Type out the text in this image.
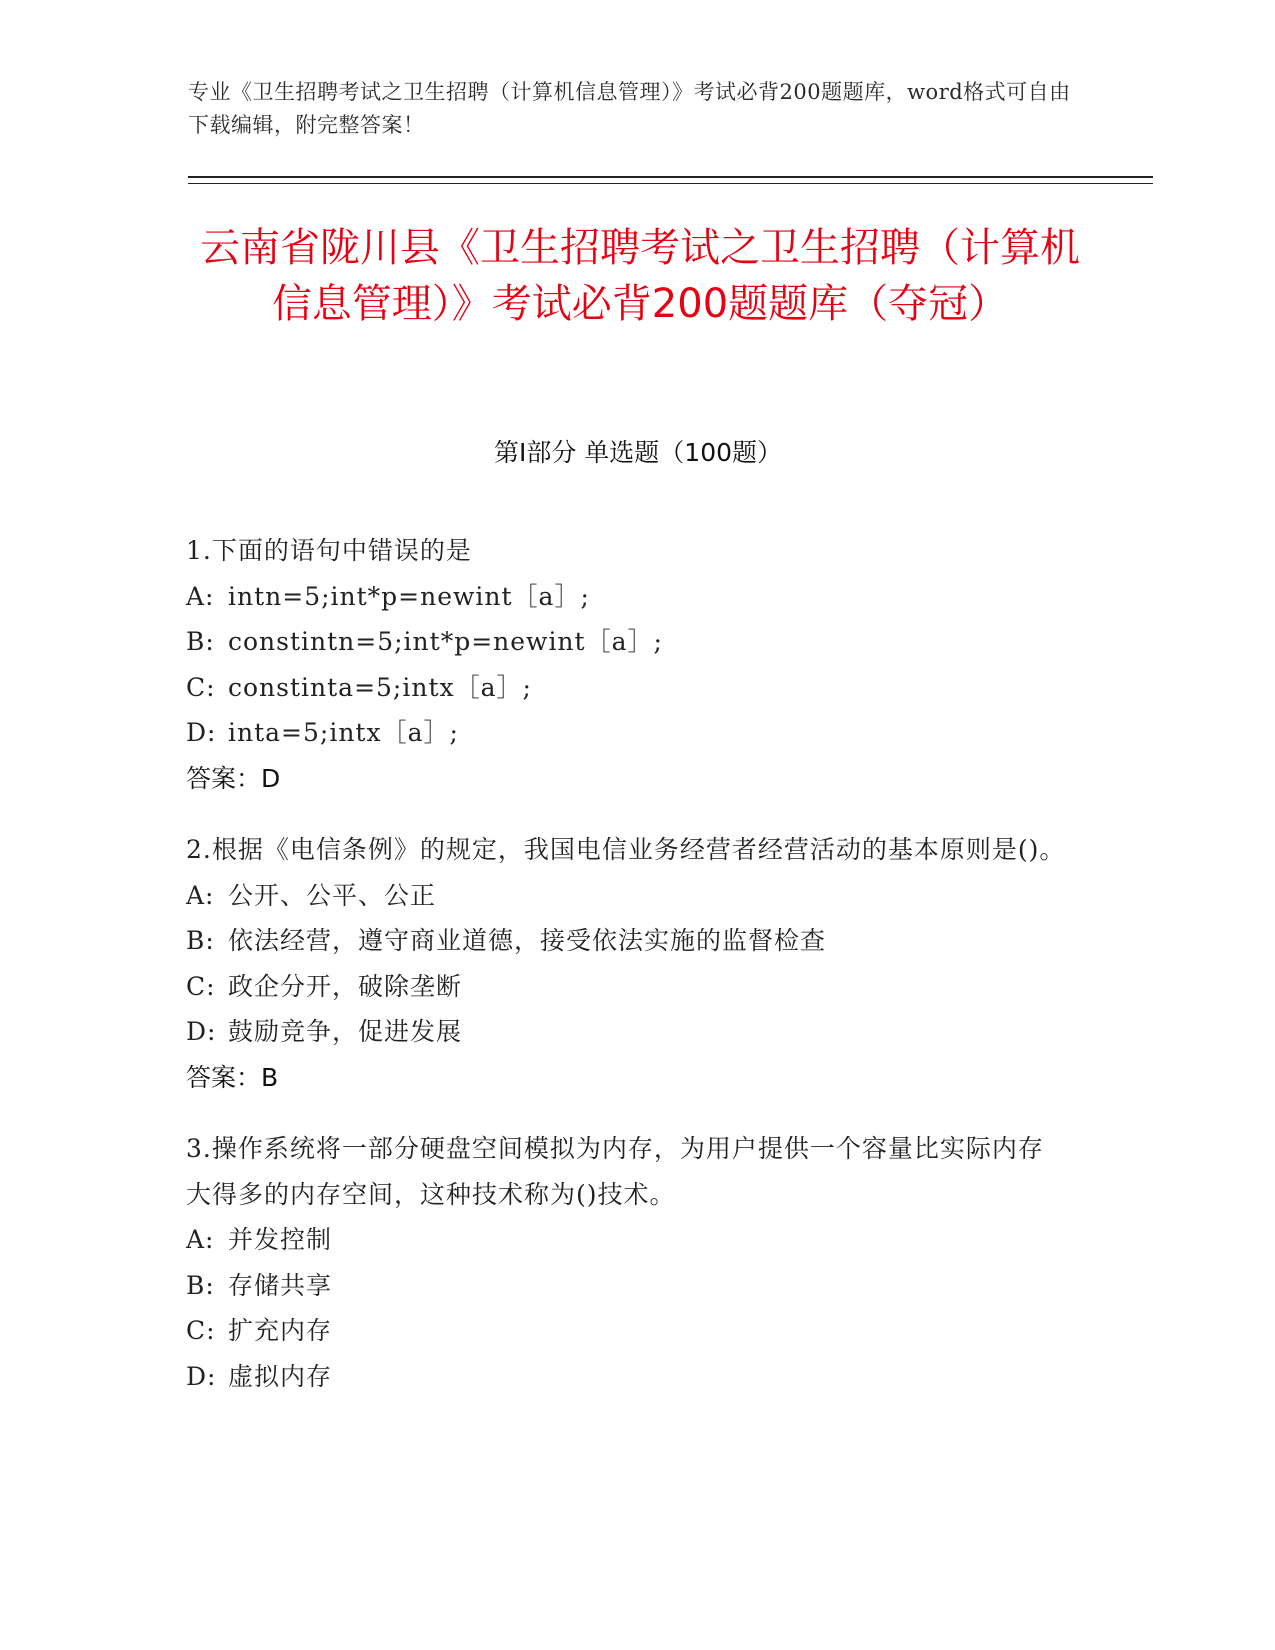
专业《卫生招聘考试之卫生招聘（计算机信息管理）》考试必背200题题库，word格式可自由下载编辑，附完整答案！
云南省陇川县《卫生招聘考试之卫生招聘（计算机信息管理）》考试必背200题题库（夺冠）
第Ⅰ部分 单选题（100题）
1.下面的语句中错误的是
A: intn=5;int*p=newint［a］;
B: constintn=5;int*p=newint［a］;
C: constinta=5;intx［a］;
D: inta=5;intx［a］;
答案：D
2.根据《电信条例》的规定，我国电信业务经营者经营活动的基本原则是()。
A: 公开、公平、公正
B: 依法经营，遵守商业道德，接受依法实施的监督检查
C: 政企分开，破除垄断
D: 鼓励竞争，促进发展
答案：B
3.操作系统将一部分硬盘空间模拟为内存，为用户提供一个容量比实际内存大得多的内存空间，这种技术称为()技术。
A: 并发控制
B: 存储共享
C: 扩充内存
D: 虚拟内存
